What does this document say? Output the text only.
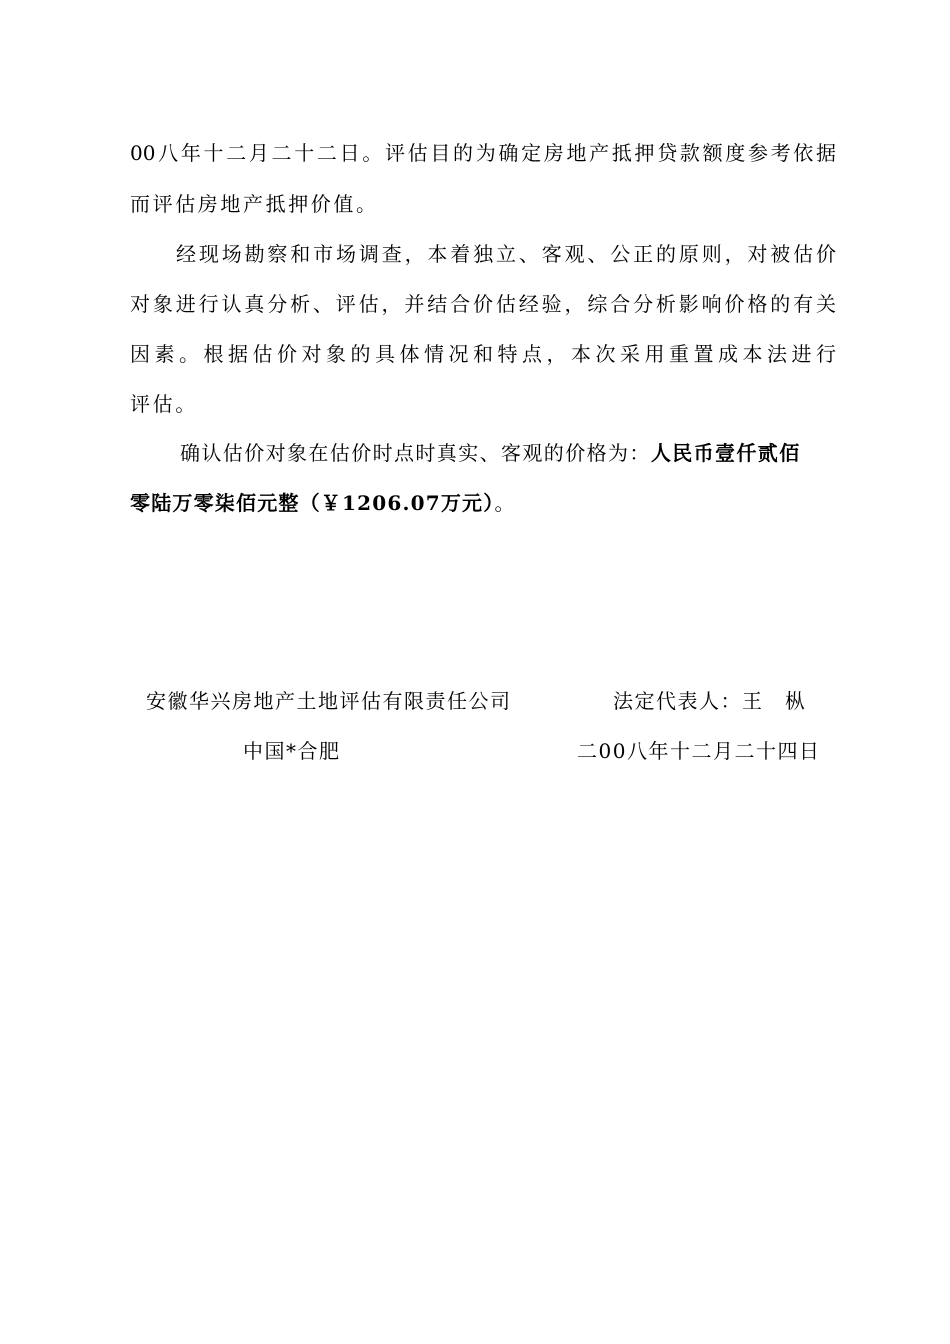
00八年十二月二十二日。评估目的为确定房地产抵押贷款额度参考依据
而评估房地产抵押价值。
经现场勘察和市场调查，本着独立、客观、公正的原则，对被估价
对象进行认真分析、评估，并结合价估经验，综合分析影响价格的有关
因素。根据估价对象的具体情况和特点，本次采用重置成本法进行
评估。
确认估价对象在估价时点时真实、客观的价格为：人民币壹仟贰佰
零陆万零柒佰元整（￥1206.07万元）。
安徽华兴房地产土地评估有限责任公司	法定代表人：王　枞
中国*合肥	二00八年十二月二十四日
